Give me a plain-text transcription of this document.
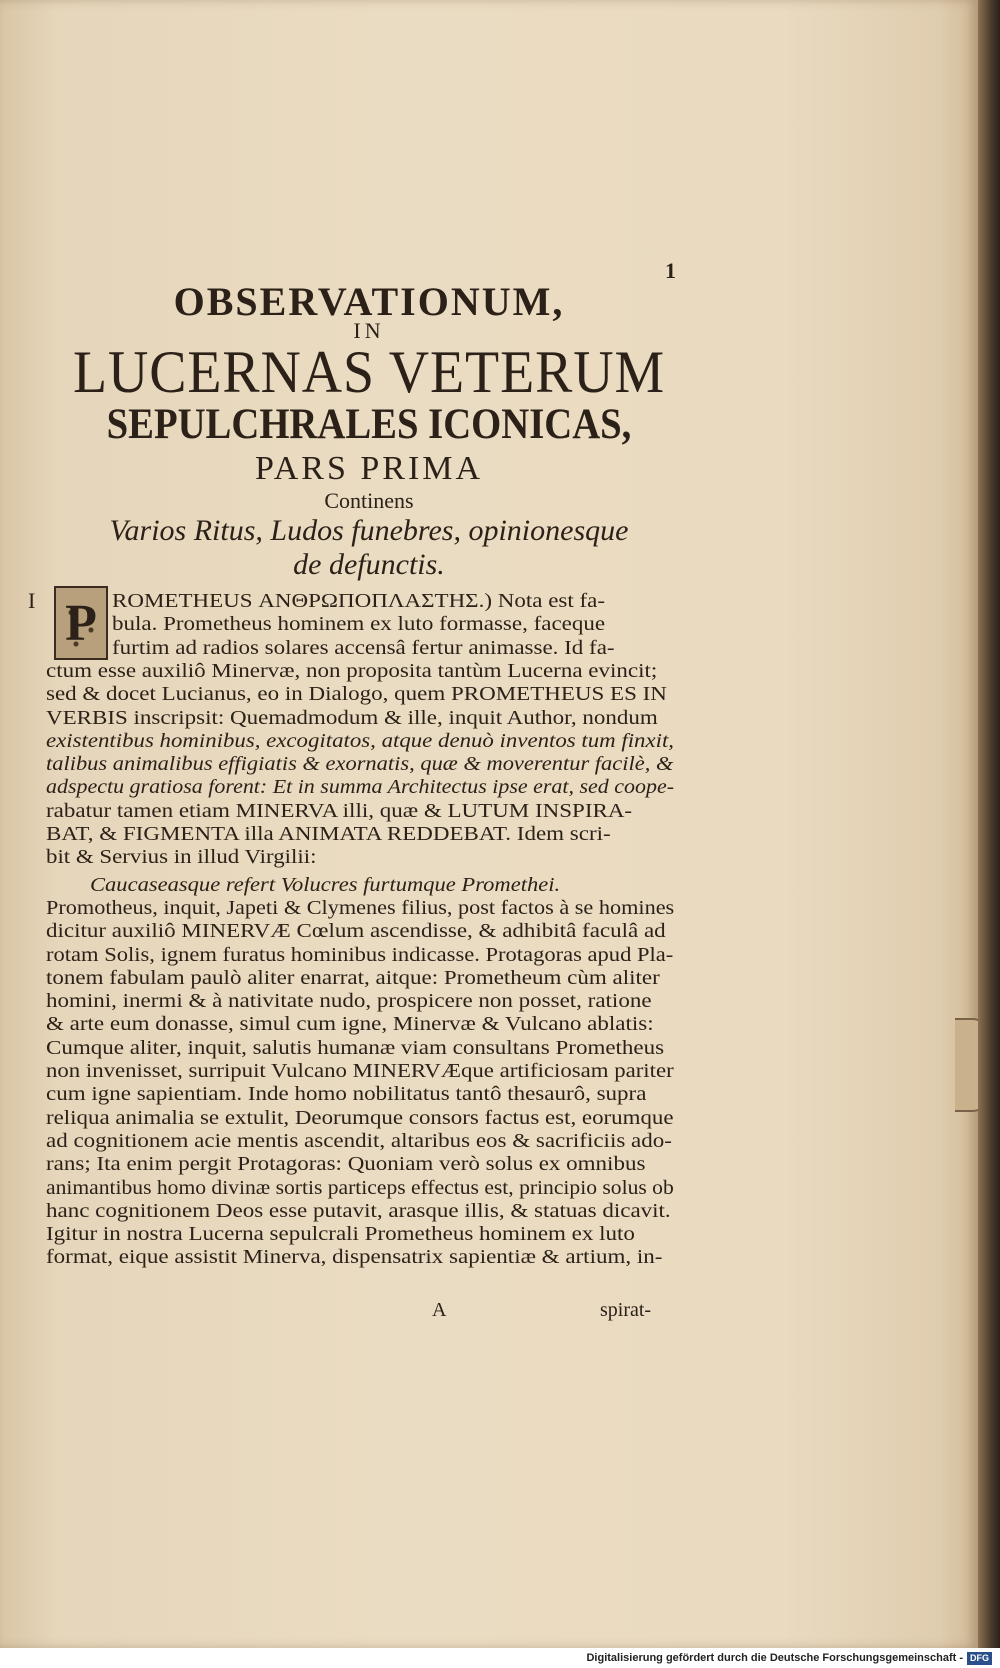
1
OBSERVATIONUM,
IN
LUCERNAS VETERUM
SEPULCHRALES ICONICAS,
PARS PRIMA
Continens
Varios Ritus, Ludos funebres, opinionesque
de defunctis.
I P ROMETHEUS ΑΝΘΡΩΠΟΠΛΑΣΤΗΣ.) Nota est fa-
bula. Prometheus hominem ex luto formasse, faceque
furtim ad radios solares accensâ fertur animasse. Id fa-
ctum esse auxiliô Minervæ, non proposita tantùm Lucerna evincit;
sed & docet Lucianus, eo in Dialogo, quem PROMETHEUS ES IN
VERBIS inscripsit: Quemadmodum & ille, inquit Author, nondum
existentibus hominibus, excogitatos, atque denuò inventos tum finxit,
talibus animalibus effigiatis & exornatis, quæ & moverentur facilè, &
adspectu gratiosa forent: Et in summa Architectus ipse erat, sed coope-
rabatur tamen etiam MINERVA illi, quæ & LUTUM INSPIRA-
BAT, & FIGMENTA illa ANIMATA REDDEBAT. Idem scri-
bit & Servius in illud Virgilii:
Caucaseasque refert Volucres furtumque Promethei.
Promotheus, inquit, Japeti & Clymenes filius, post factos à se homines
dicitur auxiliô MINERVÆ Cœlum ascendisse, & adhibitâ faculâ ad
rotam Solis, ignem furatus hominibus indicasse. Protagoras apud Pla-
tonem fabulam paulò aliter enarrat, aitque: Prometheum cùm aliter
homini, inermi & à nativitate nudo, prospicere non posset, ratione
& arte eum donasse, simul cum igne, Minervæ & Vulcano ablatis:
Cumque aliter, inquit, salutis humanæ viam consultans Prometheus
non invenisset, surripuit Vulcano MINERVÆque artificiosam pariter
cum igne sapientiam. Inde homo nobilitatus tantô thesaurô, supra
reliqua animalia se extulit, Deorumque consors factus est, eorumque
ad cognitionem acie mentis ascendit, altaribus eos & sacrificiis ado-
rans; Ita enim pergit Protagoras: Quoniam verò solus ex omnibus
animantibus homo divinæ sortis particeps effectus est, principio solus ob
hanc cognitionem Deos esse putavit, arasque illis, & statuas dicavit.
Igitur in nostra Lucerna sepulcrali Prometheus hominem ex luto
format, eique assistit Minerva, dispensatrix sapientiæ & artium, in-
A	spirat-
Digitalisierung gefördert durch die Deutsche Forschungsgemeinschaft - DFG
